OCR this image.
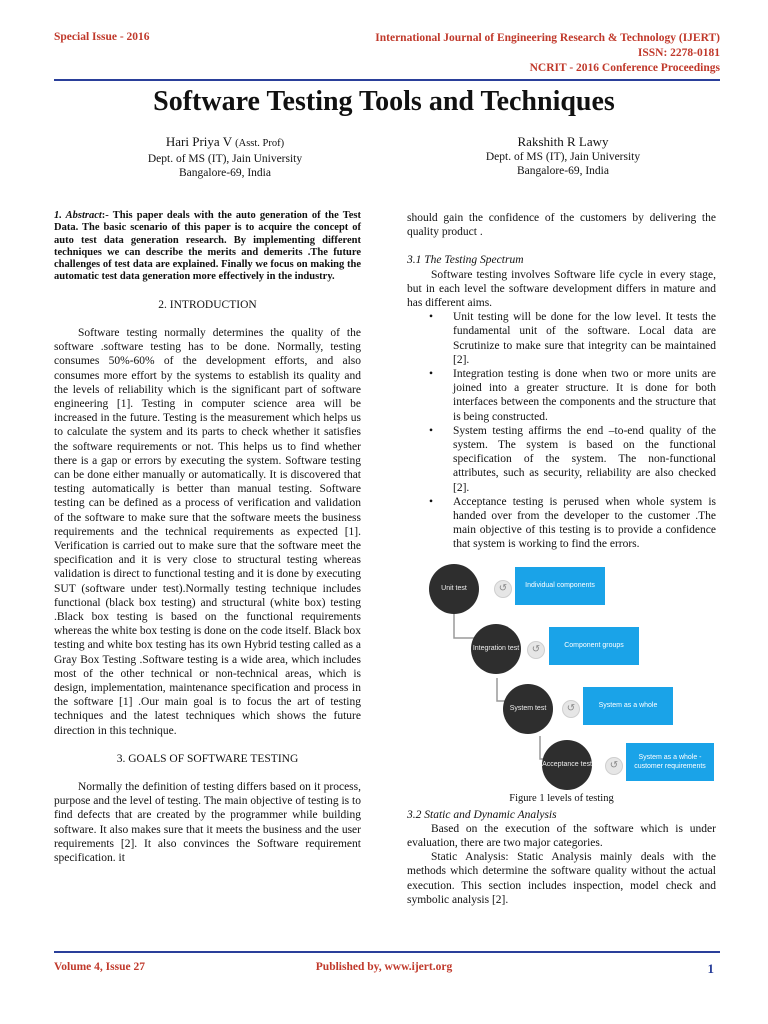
Special Issue - 2016	International Journal of Engineering Research & Technology (IJERT)
ISSN: 2278-0181
NCRIT - 2016 Conference Proceedings
Software Testing Tools and Techniques
Hari Priya V (Asst. Prof)
Dept. of MS (IT), Jain University
Bangalore-69, India
Rakshith R Lawy
Dept. of MS (IT), Jain University
Bangalore-69, India

1. Abstract:- This paper deals with the auto generation of the Test Data. The basic scenario of this paper is to acquire the concept of auto test data generation research. By implementing different techniques we can describe the merits and demerits .The future challenges of test data are explained. Finally we focus on making the automatic test data generation more effectively in the industry.

2. INTRODUCTION

Software testing normally determines the quality of the software .software testing has to be done. Normally, testing consumes 50%-60% of the development efforts, and also consumes more effort by the systems to establish its quality and the levels of reliability which is the significant part of software engineering [1]. Testing in computer science area will be increased in the future. Testing is the measurement which helps us to calculate the system and its parts to check whether it satisfies the software requirements or not. This helps us to find whether there is a gap or errors by executing the system. Software testing can be done either manually or automatically. It is discovered that testing automatically is better than manual testing. Software testing can be defined as a process of verification and validation of the software to make sure that the software meets the business requirements and the technical requirements as expected [1]. Verification is carried out to make sure that the software meet the specification and it is very close to structural testing whereas validation is direct to functional testing and it is done by executing SUT (software under test).Normally testing technique includes functional (black box testing) and structural (white box) testing .Black box testing is based on the functional requirements whereas the white box testing is done on the code itself. Black box testing and white box testing has its own Hybrid testing called as a Gray Box Testing .Software testing is a wide area, which includes most of the other technical or non-technical areas, which is design, implementation, maintenance specification and process in the software [1] .Our main goal is to focus the art of testing techniques and the latest techniques which shows the future direction in this technique.

3. GOALS OF SOFTWARE TESTING

Normally the definition of testing differs based on it process, purpose and the level of testing. The main objective of testing is to find defects that are created by the programmer while building software. It also makes sure that it meets the business and the user requirements [2]. It also convinces the Software requirement specification. it

should gain the confidence of the customers by delivering the quality product .

3.1 The Testing Spectrum

Software testing involves Software life cycle in every stage, but in each level the software development differs in mature and has different aims.

• Unit testing will be done for the low level. It tests the fundamental unit of the software. Local data are Scrutinize to make sure that integrity can be maintained [2].
• Integration testing is done when two or more units are joined into a greater structure. It is done for both interfaces between the components and the structure that is being constructed.
• System testing affirms the end –to-end quality of the system. The system is based on the functional specification of the system. The non-functional attributes, such as security, reliability are also checked [2].
• Acceptance testing is perused when whole system is handed over from the developer to the customer .The main objective of this testing is to provide a confidence that system is working to find the errors.
Unit test	↺	Individual components
Integration test	↺	Component groups
System test	↺	System as a whole
Acceptance test	↺
System as a whole - customer requirements
Figure 1 levels of testing

3.2 Static and Dynamic Analysis

Based on the execution of the software which is under evaluation, there are two major categories.

Static Analysis: Static Analysis mainly deals with the methods which determine the software quality without the actual execution. This section includes inspection, model check and symbolic analysis [2].

Volume 4, Issue 27	Published by, www.ijert.org	1
